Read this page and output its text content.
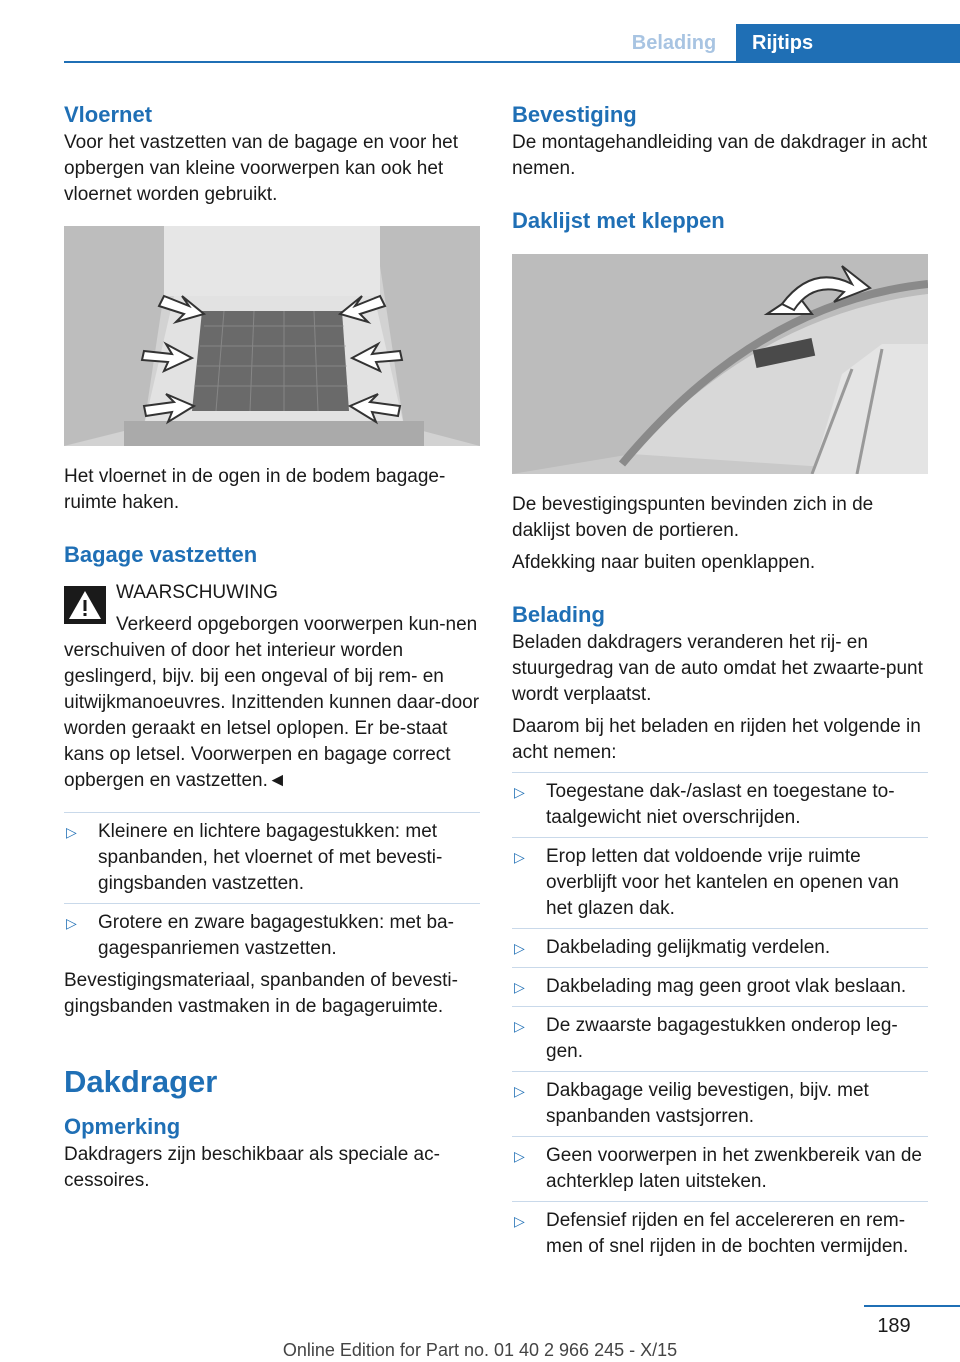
Belading	Rijtips
Vloernet

Voor het vastzetten van de bagage en voor het opbergen van kleine voorwerpen kan ook het vloernet worden gebruikt.

Het vloernet in de ogen in de bodem bagage-ruimte haken.

Bagage vastzetten

WAARSCHUWING

Verkeerd opgeborgen voorwerpen kun-nen verschuiven of door het interieur worden geslingerd, bijv. bij een ongeval of bij rem- en uitwijkmanoeuvres. Inzittenden kunnen daar-door worden geraakt en letsel oplopen. Er be-staat kans op letsel. Voorwerpen en bagage correct opbergen en vastzetten.◄

▷ Kleinere en lichtere bagagestukken: met spanbanden, het vloernet of met bevesti-gingsbanden vastzetten.
▷ Grotere en zware bagagestukken: met ba-gagespanriemen vastzetten.

Bevestigingsmateriaal, spanbanden of bevesti-gingsbanden vastmaken in de bagageruimte.

Dakdrager
Opmerking

Dakdragers zijn beschikbaar als speciale ac-cessoires.

Bevestiging

De montagehandleiding van de dakdrager in acht nemen.

Daklijst met kleppen

De bevestigingspunten bevinden zich in de daklijst boven de portieren.

Afdekking naar buiten openklappen.

Belading

Beladen dakdragers veranderen het rij- en stuurgedrag van de auto omdat het zwaarte-punt wordt verplaatst.

Daarom bij het beladen en rijden het volgende in acht nemen:

▷ Toegestane dak-/aslast en toegestane to-taalgewicht niet overschrijden.
▷ Erop letten dat voldoende vrije ruimte overblijft voor het kantelen en openen van het glazen dak.
▷ Dakbelading gelijkmatig verdelen.
▷ Dakbelading mag geen groot vlak beslaan.
▷ De zwaarste bagagestukken onderop leg-gen.
▷ Dakbagage veilig bevestigen, bijv. met spanbanden vastsjorren.
▷ Geen voorwerpen in het zwenkbereik van de achterklep laten uitsteken.
▷ Defensief rijden en fel accelereren en rem-men of snel rijden in de bochten vermijden.
189
Online Edition for Part no. 01 40 2 966 245 - X/15
